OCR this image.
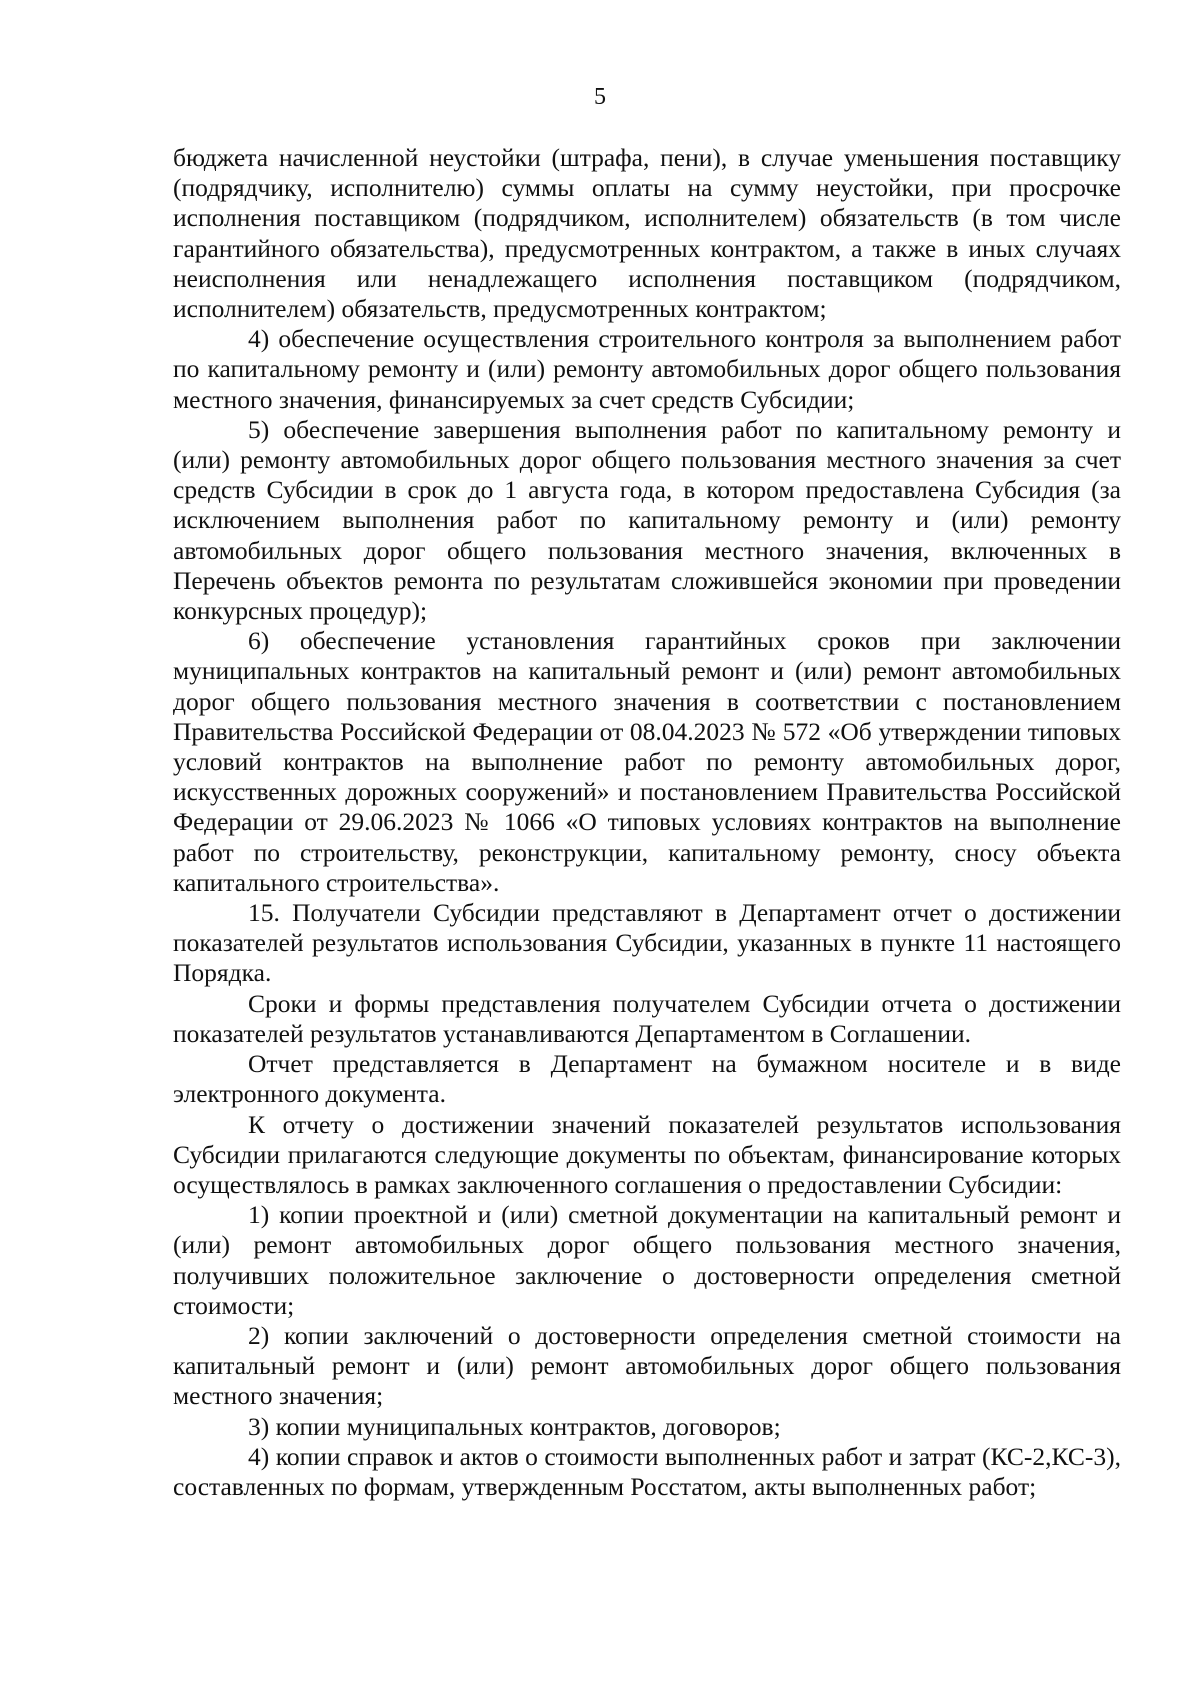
5

бюджета начисленной неустойки (штрафа, пени), в случае уменьшения поставщику (подрядчику, исполнителю) суммы оплаты на сумму неустойки, при просрочке исполнения поставщиком (подрядчиком, исполнителем) обязательств (в том числе гарантийного обязательства), предусмотренных контрактом, а также в иных случаях неисполнения или ненадлежащего исполнения поставщиком (подрядчиком, исполнителем) обязательств, предусмотренных контрактом;

4) обеспечение осуществления строительного контроля за выполнением работ по капитальному ремонту и (или) ремонту автомобильных дорог общего пользования местного значения, финансируемых за счет средств Субсидии;

5) обеспечение завершения выполнения работ по капитальному ремонту и (или) ремонту автомобильных дорог общего пользования местного значения за счет средств Субсидии в срок до 1 августа года, в котором предоставлена Субсидия (за исключением выполнения работ по капитальному ремонту и (или) ремонту автомобильных дорог общего пользования местного значения, включенных в Перечень объектов ремонта по результатам сложившейся экономии при проведении конкурсных процедур);

6) обеспечение установления гарантийных сроков при заключении муниципальных контрактов на капитальный ремонт и (или) ремонт автомобильных дорог общего пользования местного значения в соответствии с постановлением Правительства Российской Федерации от 08.04.2023 № 572 «Об утверждении типовых условий контрактов на выполнение работ по ремонту автомобильных дорог, искусственных дорожных сооружений» и постановлением Правительства Российской Федерации от 29.06.2023 № 1066 «О типовых условиях контрактов на выполнение работ по строительству, реконструкции, капитальному ремонту, сносу объекта капитального строительства».

15. Получатели Субсидии представляют в Департамент отчет о достижении показателей результатов использования Субсидии, указанных в пункте 11 настоящего Порядка.

Сроки и формы представления получателем Субсидии отчета о достижении показателей результатов устанавливаются Департаментом в Соглашении.

Отчет представляется в Департамент на бумажном носителе и в виде электронного документа.

К отчету о достижении значений показателей результатов использования Субсидии прилагаются следующие документы по объектам, финансирование которых осуществлялось в рамках заключенного соглашения о предоставлении Субсидии:

1) копии проектной и (или) сметной документации на капитальный ремонт и (или) ремонт автомобильных дорог общего пользования местного значения, получивших положительное заключение о достоверности определения сметной стоимости;

2) копии заключений о достоверности определения сметной стоимости на капитальный ремонт и (или) ремонт автомобильных дорог общего пользования местного значения;

3) копии муниципальных контрактов, договоров;

4) копии справок и актов о стоимости выполненных работ и затрат (КС-2,КС-3), составленных по формам, утвержденным Росстатом, акты выполненных работ;
